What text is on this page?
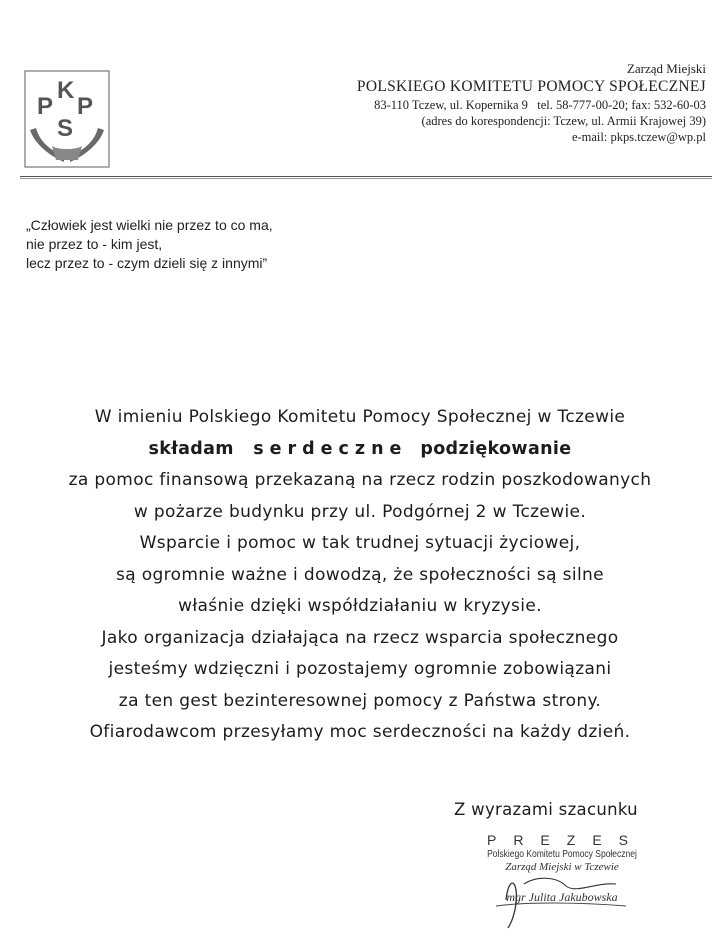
P
K
P
S
Zarząd Miejski
POLSKIEGO KOMITETU POMOCY SPOŁECZNEJ
83-110 Tczew, ul. Kopernika 9   tel. 58-777-00-20; fax: 532-60-03
(adres do korespondencji: Tczew, ul. Armii Krajowej 39)
e-mail: pkps.tczew@wp.pl
„Człowiek jest wielki nie przez to co ma,
nie przez to - kim jest,
lecz przez to - czym dzieli się z innymi”
W imieniu Polskiego Komitetu Pomocy Społecznej w Tczewie
składam serdeczne podziękowanie
za pomoc finansową przekazaną na rzecz rodzin poszkodowanych
w pożarze budynku przy ul. Podgórnej 2 w Tczewie.
Wsparcie i pomoc w tak trudnej sytuacji życiowej,
są ogromnie ważne i dowodzą, że społeczności są silne
właśnie dzięki współdziałaniu w kryzysie.
Jako organizacja działająca na rzecz wsparcia społecznego
jesteśmy wdzięczni i pozostajemy ogromnie zobowiązani
za ten gest bezinteresownej pomocy z Państwa strony.
Ofiarodawcom przesyłamy moc serdeczności na każdy dzień.
Z wyrazami szacunku
PREZES
Polskiego Komitetu Pomocy Społecznej
Zarząd Miejski w Tczewie
mgr Julita Jakubowska
